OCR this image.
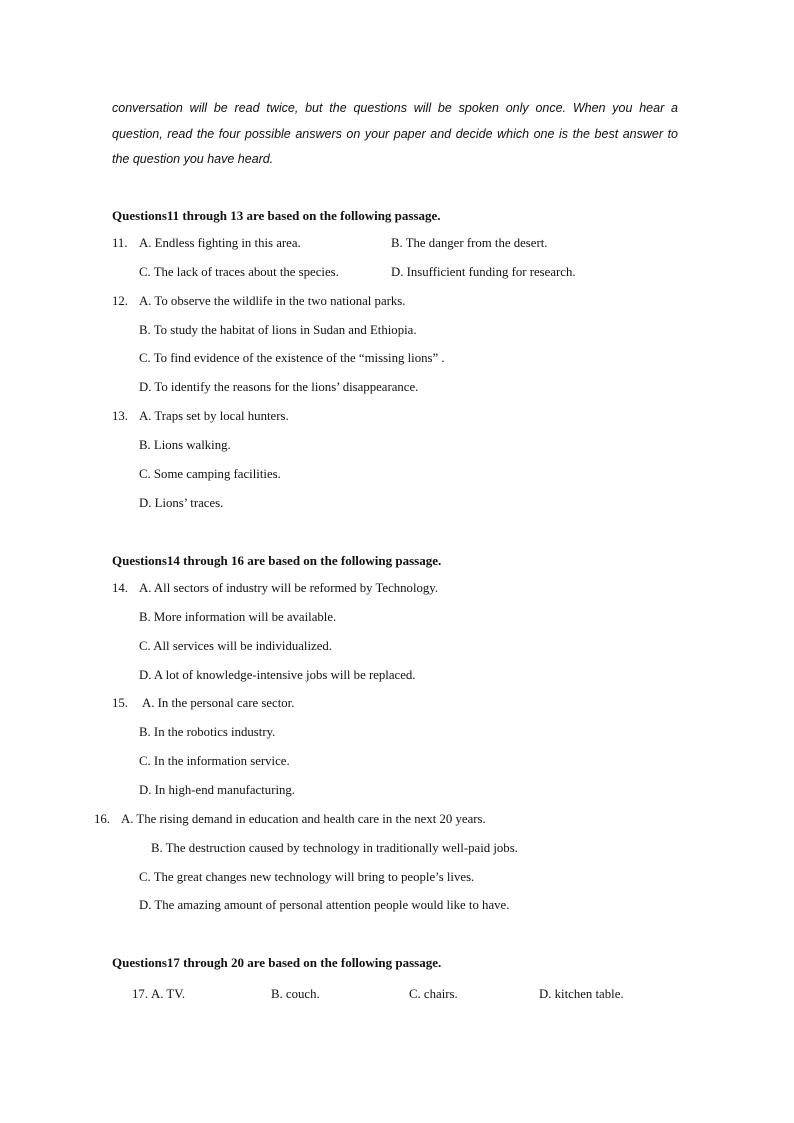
conversation will be read twice, but the questions will be spoken only once. When you hear a
question, read the four possible answers on your paper and decide which one is the best answer to
the question you have heard.
Questions11 through 13 are based on the following passage.
11. A. Endless fighting in this area.	B. The danger from the desert.
C. The lack of traces about the species.	D. Insufficient funding for research.
12. A. To observe the wildlife in the two national parks.
B. To study the habitat of lions in Sudan and Ethiopia.
C. To find evidence of the existence of the “missing lions” .
D. To identify the reasons for the lions’ disappearance.
13. A. Traps set by local hunters.
B. Lions walking.
C. Some camping facilities.
D. Lions’ traces.
Questions14 through 16 are based on the following passage.
14. A. All sectors of industry will be reformed by Technology.
B. More information will be available.
C. All services will be individualized.
D. A lot of knowledge-intensive jobs will be replaced.
15. A. In the personal care sector.
B. In the robotics industry.
C. In the information service.
D. In high-end manufacturing.
16. A. The rising demand in education and health care in the next 20 years.
B. The destruction caused by technology in traditionally well-paid jobs.
C. The great changes new technology will bring to people’s lives.
D. The amazing amount of personal attention people would like to have.
Questions17 through 20 are based on the following passage.
17. A. TV.	B. couch.	C. chairs.	D. kitchen table.
